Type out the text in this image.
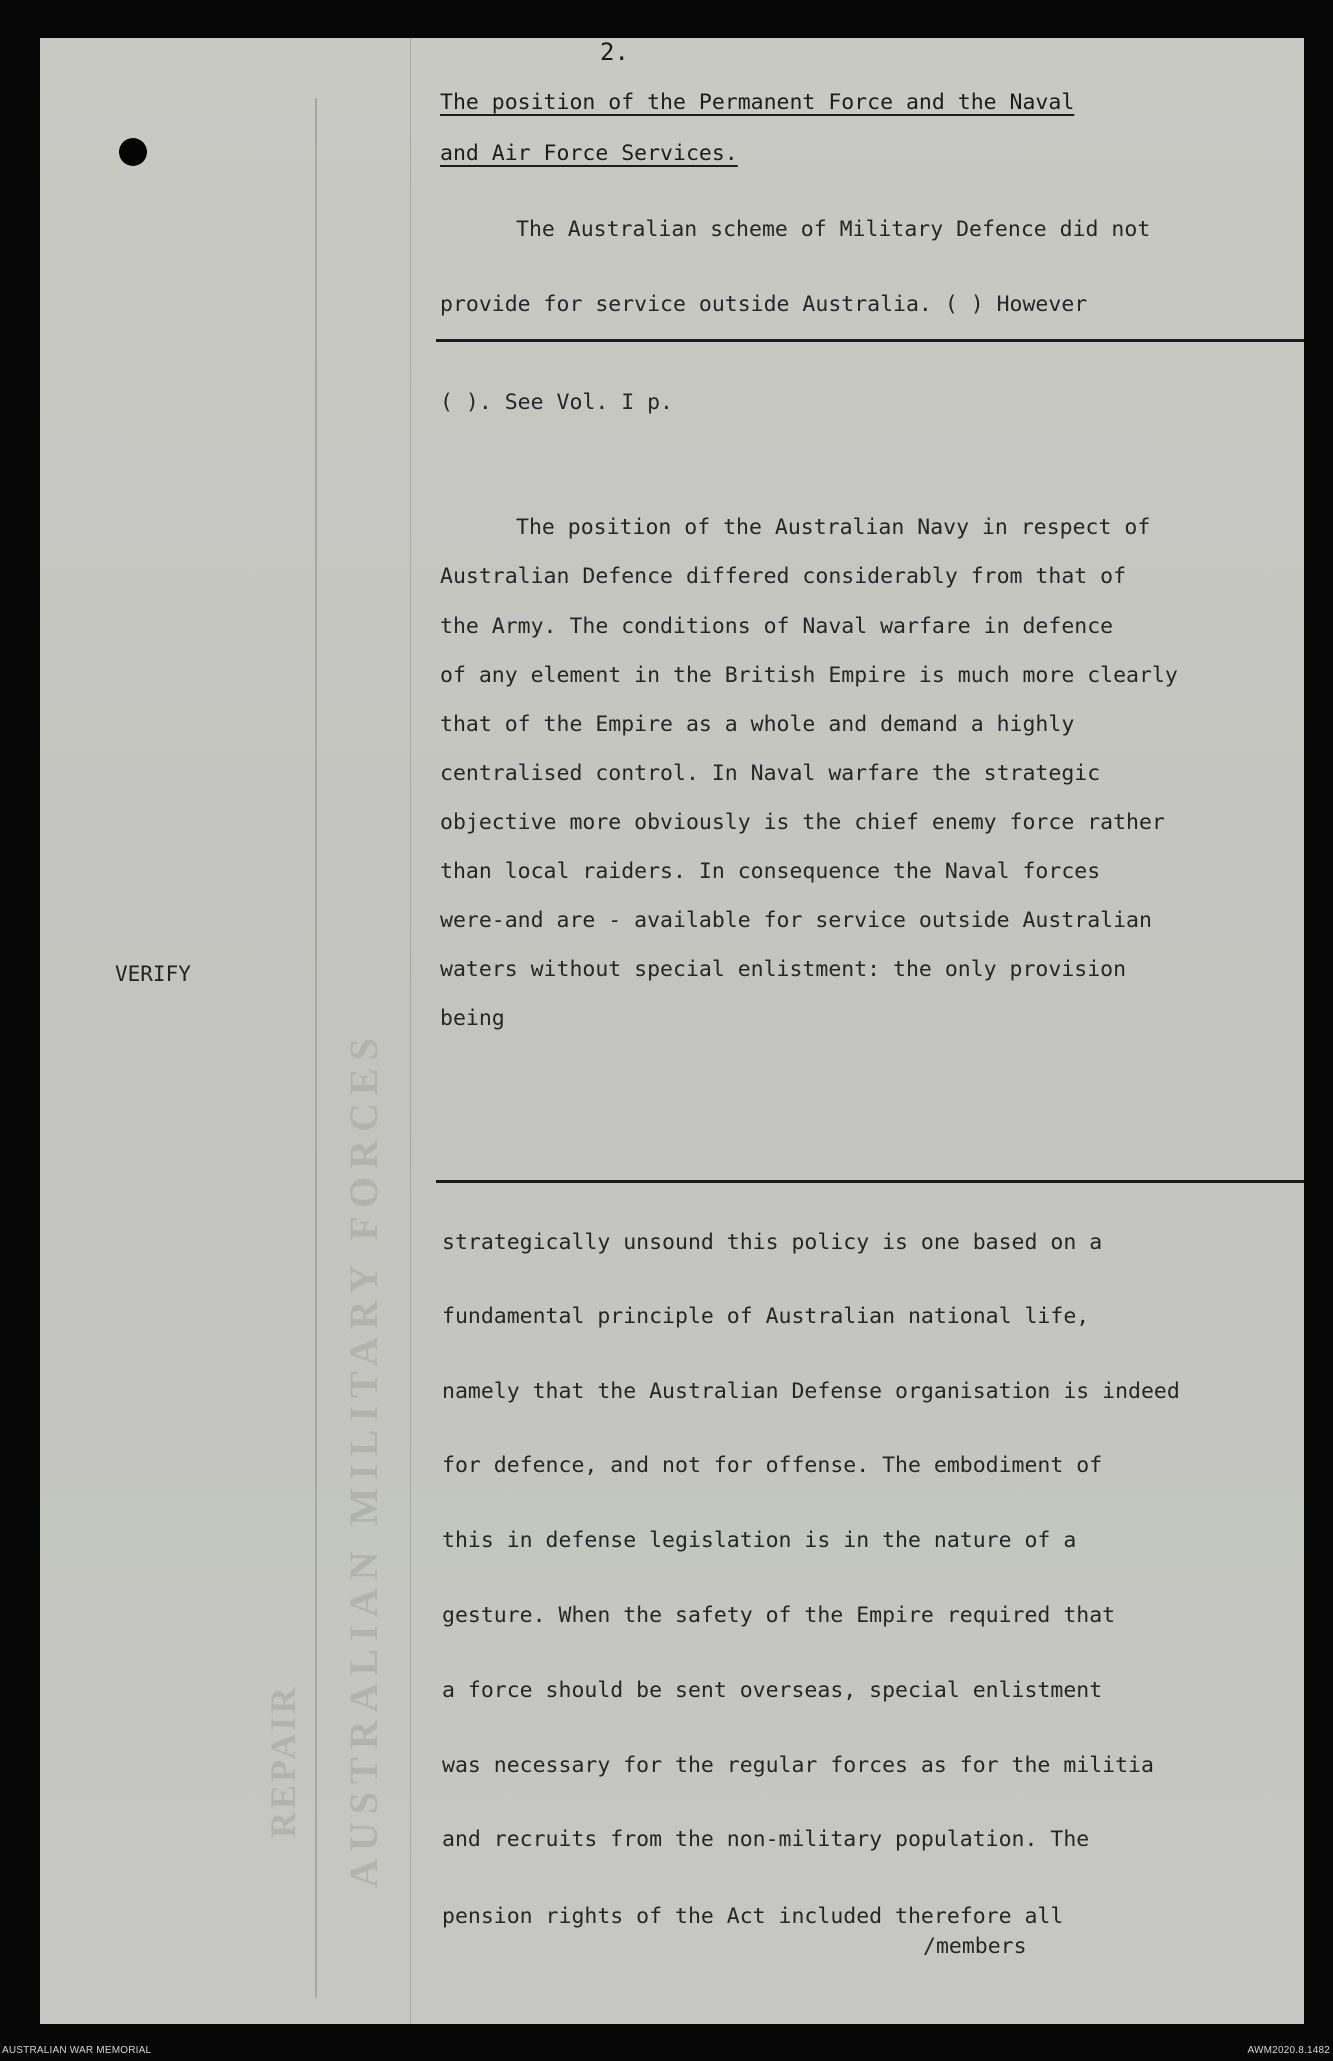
AUSTRALIAN MILITARY FORCES
REPAIR
2.
The position of the Permanent Force and the Naval
and Air Force Services.

The Australian scheme of Military Defence did not

provide for service outside Australia. ( ) However

( ). See Vol. I p.

The position of the Australian Navy in respect of

Australian Defence differed considerably from that of

the Army. The conditions of Naval warfare in defence

of any element in the British Empire is much more clearly

that of the Empire as a whole and demand a highly

centralised control. In Naval warfare the strategic

objective more obviously is the chief enemy force rather

than local raiders. In consequence the Naval forces

were-and are - available for service outside Australian

waters without special enlistment: the only provision

being

VERIFY

strategically unsound this policy is one based on a

fundamental principle of Australian national life,

namely that the Australian Defense organisation is indeed

for defence, and not for offense. The embodiment of

this in defense legislation is in the nature of a

gesture. When the safety of the Empire required that

a force should be sent overseas, special enlistment

was necessary for the regular forces as for the militia

and recruits from the non-military population. The

pension rights of the Act included therefore all

/members

AUSTRALIAN WAR MEMORIAL	AWM2020.8.1482
